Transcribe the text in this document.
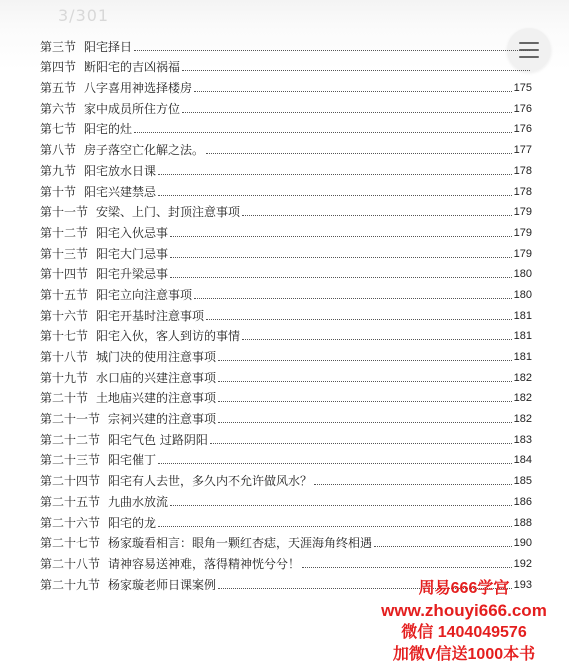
3/301
第三节 阳宅择日
第四节 断阳宅的吉凶祸福
第五节 八字喜用神选择楼房	175
第六节 家中成员所住方位	176
第七节 阳宅的灶	176
第八节 房子落空亡化解之法。	177
第九节 阳宅放水日课	178
第十节 阳宅兴建禁忌	178
第十一节 安梁、上门、封顶注意事项	179
第十二节 阳宅入伙忌事	179
第十三节 阳宅大门忌事	179
第十四节 阳宅升梁忌事	180
第十五节 阳宅立向注意事项	180
第十六节 阳宅开基时注意事项	181
第十七节 阳宅入伙，客人到访的事情	181
第十八节 城门决的使用注意事项	181
第十九节 水口庙的兴建注意事项	182
第二十节 土地庙兴建的注意事项	182
第二十一节 宗祠兴建的注意事项	182
第二十二节 阳宅气色 过路阴阳	183
第二十三节 阳宅催丁	184
第二十四节 阳宅有人去世，多久内不允许做风水？	185
第二十五节 九曲水放流	186
第二十六节 阳宅的龙	188
第二十七节 杨家璇看相言：眼角一颗红杏痣，天涯海角终相遇	190
第二十八节 请神容易送神难，落得精神恍兮兮！	192
第二十九节 杨家璇老师日课案例	193
周易666学宫
www.zhouyi666.com
微信 1404049576
加微V信送1000本书
